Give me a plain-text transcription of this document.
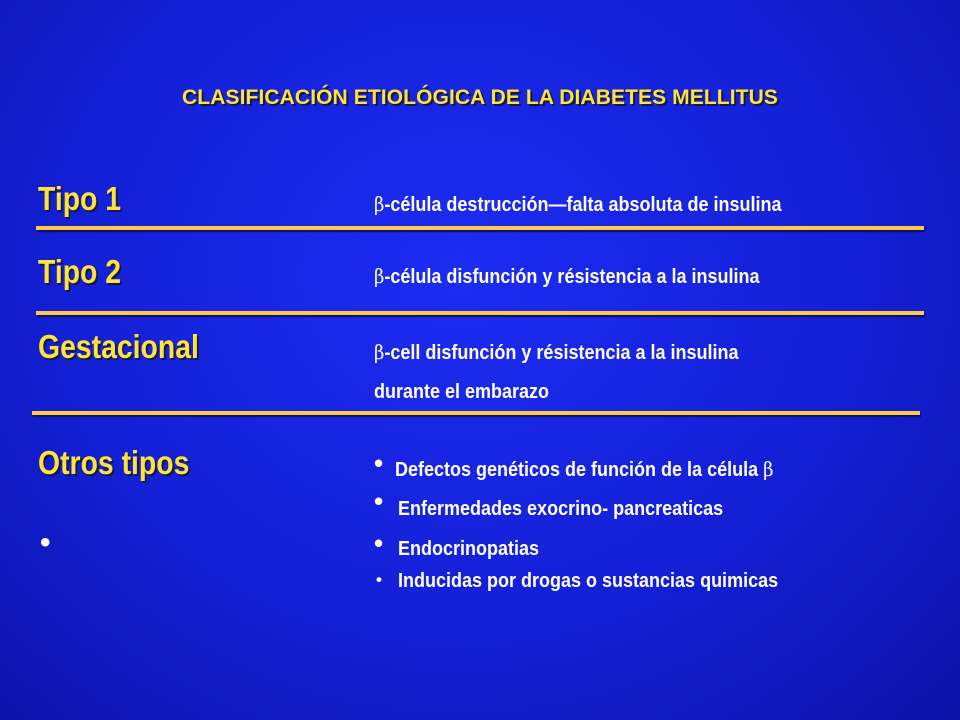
CLASIFICACIÓN ETIOLÓGICA DE LA DIABETES MELLITUS
Tipo 1	β-célula destrucción—falta absoluta de insulina
Tipo 2	β-célula disfunción y résistencia a la insulina
Gestacional	β-cell disfunción y résistencia a la insulina
durante el embarazo
Otros tipos
•
• Defectos genéticos de función de la célula β
• Enfermedades exocrino- pancreaticas
• Endocrinopatias
• Inducidas por drogas o sustancias quimicas
